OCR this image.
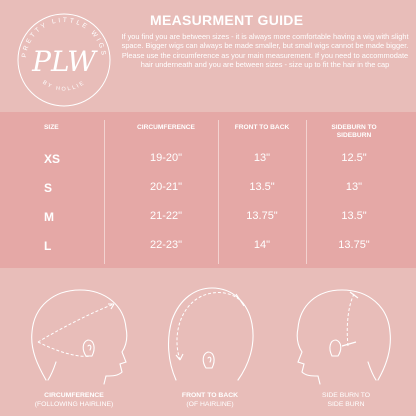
PRETTY LITTLE WIGS
BY HOLLIE
PLW
MEASURMENT GUIDE
If you find you are between sizes - it is always more comfortable having a wig with slight space. Bigger wigs can always be made smaller, but small wigs cannot be made bigger. Please use the circumference as your main measurement. If you need to accommodate hair underneath and you are between sizes - size up to fit the hair in the cap
SIZE	CIRCUMFERENCE	FRONT TO BACK	SIDEBURN TO SIDEBURN
XS	19-20"	13"	12.5"
S	20-21"	13.5"	13"
M	21-22"	13.75"	13.5"
L	22-23"	14"	13.75"
CIRCUMFERENCE
(FOLLOWING HAIRLINE)
FRONT TO BACK
(OF HAIRLINE)
SIDE BURN TO
SIDE BURN
